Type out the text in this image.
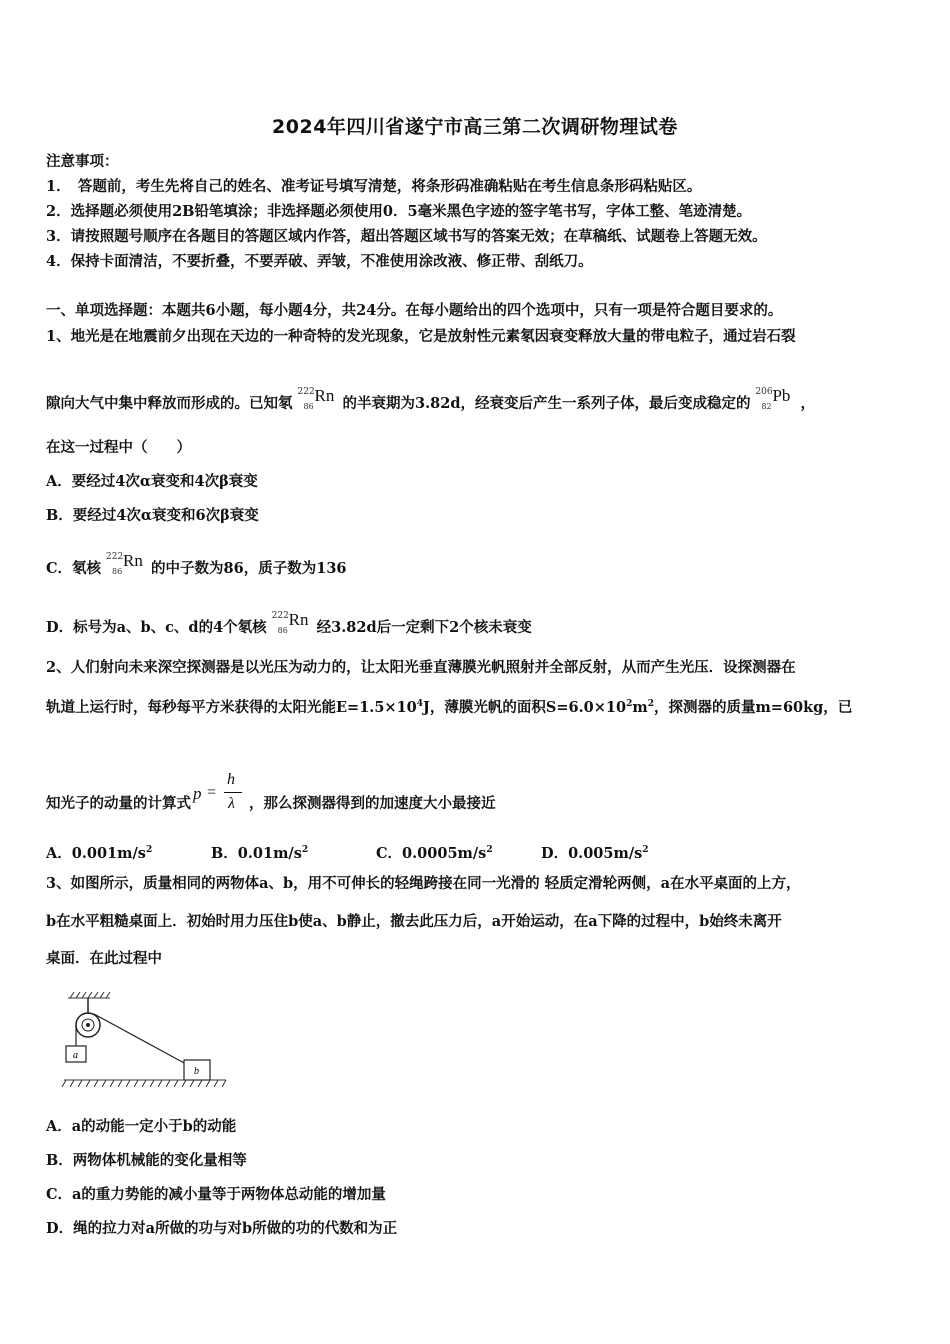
2024年四川省遂宁市高三第二次调研物理试卷
注意事项：
1．　答题前，考生先将自己的姓名、准考证号填写清楚，将条形码准确粘贴在考生信息条形码粘贴区。
2．选择题必须使用2B铅笔填涂；非选择题必须使用0．5毫米黑色字迹的签字笔书写，字体工整、笔迹清楚。
3．请按照题号顺序在各题目的答题区域内作答，超出答题区域书写的答案无效；在草稿纸、试题卷上答题无效。
4．保持卡面清洁，不要折叠，不要弄破、弄皱，不准使用涂改液、修正带、刮纸刀。
一、单项选择题：本题共6小题，每小题4分，共24分。在每小题给出的四个选项中，只有一项是符合题目要求的。
1、地光是在地震前夕出现在天边的一种奇特的发光现象，它是放射性元素氡因衰变释放大量的带电粒子，通过岩石裂
隙向大气中集中释放而形成的。已知氡
222
86
Rn 的半衰期为3.82d，经衰变后产生一系列子体，最后变成稳定的
206
82
Pb ，
在这一过程中（　　）
A．要经过4次α衰变和4次β衰变
B．要经过4次α衰变和6次β衰变
C．氡核
222
86
Rn 的中子数为86，质子数为136
D．标号为a、b、c、d的4个氡核
222
86
Rn 经3.82d后一定剩下2个核未衰变
2、人们射向未来深空探测器是以光压为动力的，让太阳光垂直薄膜光帆照射并全部反射，从而产生光压．设探测器在
轨道上运行时，每秒每平方米获得的太阳光能$E=1.5\times 10^4J$，薄膜光帆的面积$S=6.0\times 10^2m^2$，探测器的质量m=60kg，已
知光子的动量的计算式
p =
h
λ ，那么探测器得到的加速度大小最接近
A．$0.001m/s^2$	B．$0.01m/s^2$	C．$0.0005m/s^2$	D．$0.005m/s^2$
3、如图所示，质量相同的两物体a、b，用不可伸长的轻绳跨接在同一光滑的 轻质定滑轮两侧，a在水平桌面的上方，
b在水平粗糙桌面上．初始时用力压住b使a、b静止，撤去此压力后，a开始运动，在a下降的过程中，b始终未离开
桌面．在此过程中
a
b
A．a的动能一定小于b的动能
B．两物体机械能的变化量相等
C．a的重力势能的减小量等于两物体总动能的增加量
D．绳的拉力对a所做的功与对b所做的功的代数和为正
